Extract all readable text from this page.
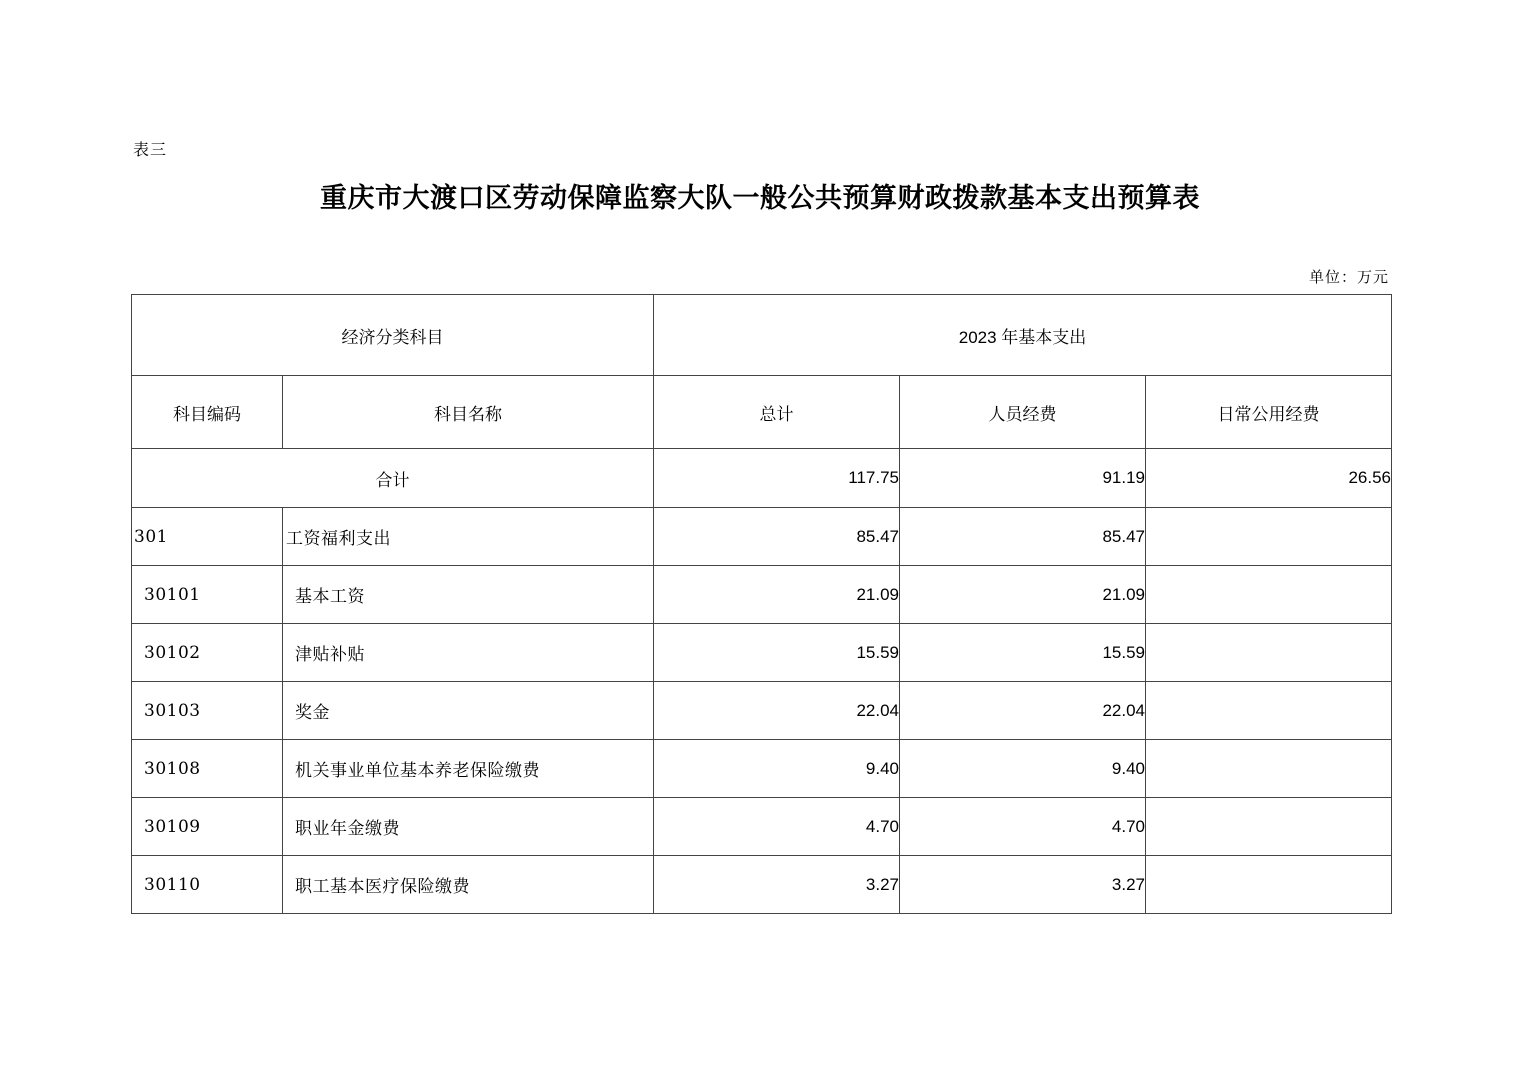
表三
重庆市大渡口区劳动保障监察大队一般公共预算财政拨款基本支出预算表
单位：万元
经济分类科目		2023 年基本支出		
科目编码	科目名称	总计	人员经费	日常公用经费
合计		117.75	91.19	26.56
301	工资福利支出	85.47	85.47	
30101	基本工资	21.09	21.09	
30102	津贴补贴	15.59	15.59	
30103	奖金	22.04	22.04	
30108	机关事业单位基本养老保险缴费	9.40	9.40	
30109	职业年金缴费	4.70	4.70	
30110	职工基本医疗保险缴费	3.27	3.27	
